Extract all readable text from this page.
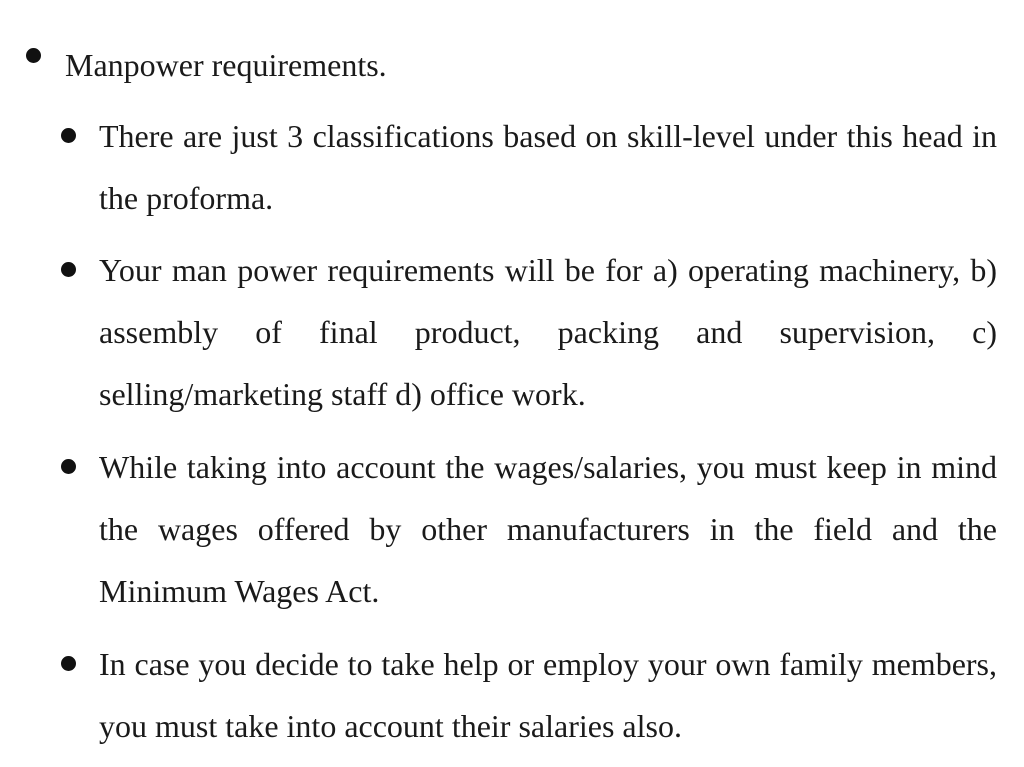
Manpower requirements.

There are just 3 classifications based on skill-level under this head in the proforma.

Your man power requirements will be for a) operating machinery, b) assembly of final product, packing and supervision, c) selling/marketing staff d) office work.

While taking into account the wages/salaries, you must keep in mind the wages offered by other manufacturers in the field and the Minimum Wages Act.

In case you decide to take help or employ your own family members, you must take into account their salaries also.
